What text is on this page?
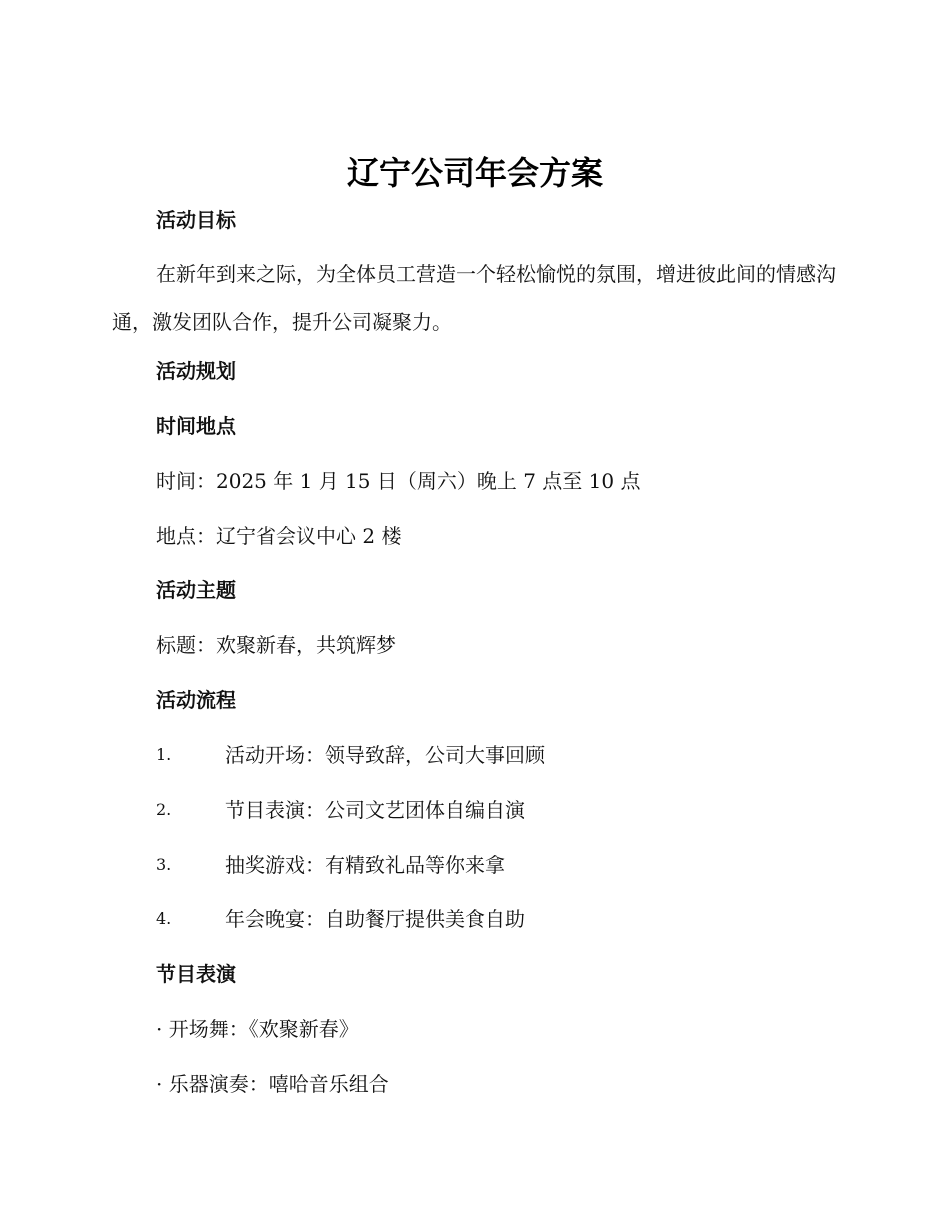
辽宁公司年会方案
活动目标
在新年到来之际，为全体员工营造一个轻松愉悦的氛围，增进彼此间的情感沟通，激发团队合作，提升公司凝聚力。
活动规划
时间地点
时间：2025 年 1 月 15 日（周六）晚上 7 点至 10 点
地点：辽宁省会议中心 2 楼
活动主题
标题：欢聚新春，共筑辉梦
活动流程
1.	活动开场：领导致辞，公司大事回顾
2.	节目表演：公司文艺团体自编自演
3.	抽奖游戏：有精致礼品等你来拿
4.	年会晚宴：自助餐厅提供美食自助
节目表演
· 开场舞：《欢聚新春》
· 乐器演奏：嘻哈音乐组合
